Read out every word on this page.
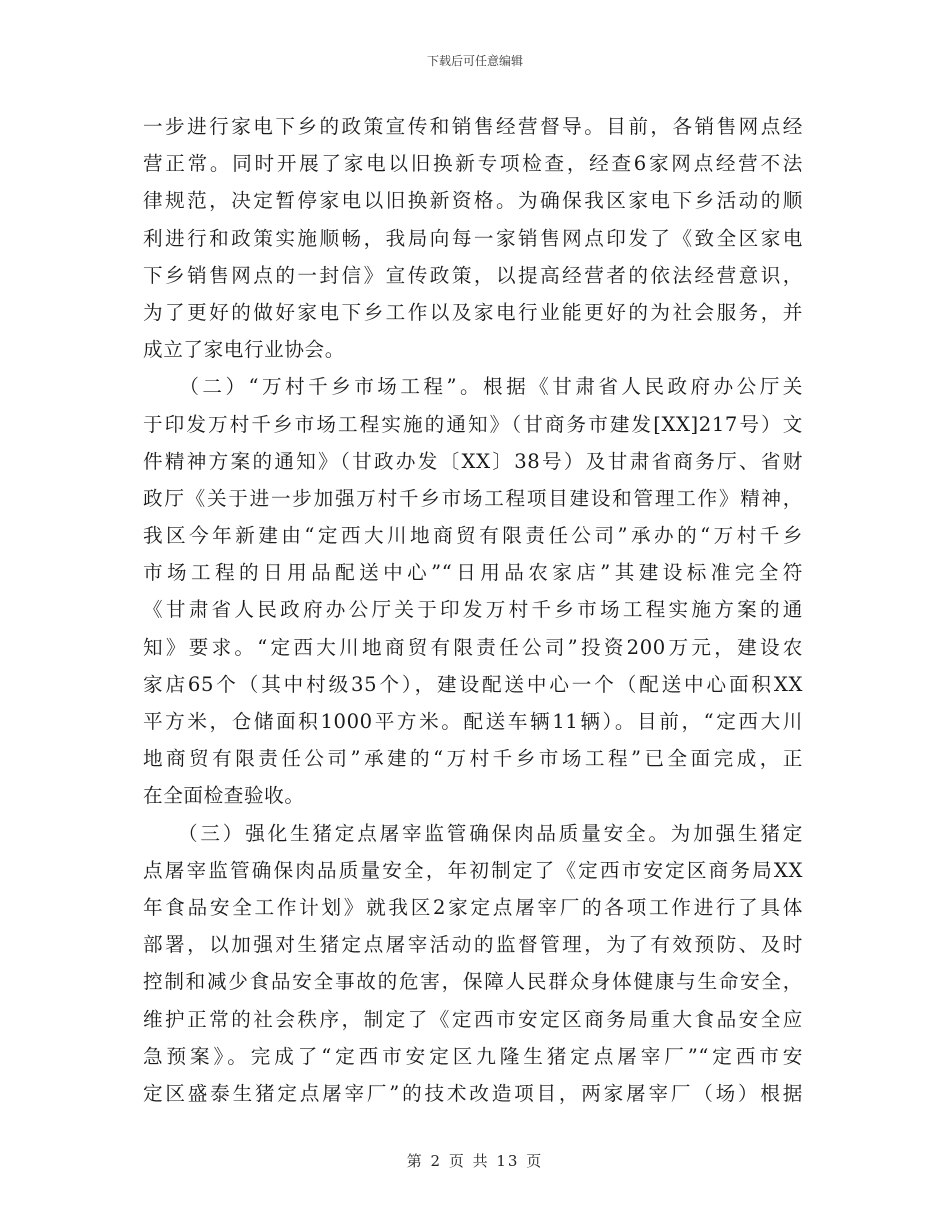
下载后可任意编辑
一步进行家电下乡的政策宣传和销售经营督导。目前，各销售网点经
营正常。同时开展了家电以旧换新专项检查，经查6家网点经营不法
律规范，决定暂停家电以旧换新资格。为确保我区家电下乡活动的顺
利进行和政策实施顺畅，我局向每一家销售网点印发了《致全区家电
下乡销售网点的一封信》宣传政策，以提高经营者的依法经营意识，
为了更好的做好家电下乡工作以及家电行业能更好的为社会服务，并
成立了家电行业协会。
　　（二）“万村千乡市场工程”。根据《甘肃省人民政府办公厅关
于印发万村千乡市场工程实施的通知》（甘商务市建发[XX]217号）文
件精神方案的通知》（甘政办发〔XX〕38号）及甘肃省商务厅、省财
政厅《关于进一步加强万村千乡市场工程项目建设和管理工作》精神，
我区今年新建由“定西大川地商贸有限责任公司”承办的“万村千乡
市场工程的日用品配送中心”“日用品农家店”其建设标准完全符
《甘肃省人民政府办公厅关于印发万村千乡市场工程实施方案的通
知》要求。“定西大川地商贸有限责任公司”投资200万元，建设农
家店65个（其中村级35个），建设配送中心一个（配送中心面积XX
平方米，仓储面积1000平方米。配送车辆11辆）。目前，“定西大川
地商贸有限责任公司”承建的“万村千乡市场工程”已全面完成，正
在全面检查验收。
　　（三）强化生猪定点屠宰监管确保肉品质量安全。为加强生猪定
点屠宰监管确保肉品质量安全，年初制定了《定西市安定区商务局XX
年食品安全工作计划》就我区2家定点屠宰厂的各项工作进行了具体
部署，以加强对生猪定点屠宰活动的监督管理，为了有效预防、及时
控制和减少食品安全事故的危害，保障人民群众身体健康与生命安全，
维护正常的社会秩序，制定了《定西市安定区商务局重大食品安全应
急预案》。完成了“定西市安定区九隆生猪定点屠宰厂”“定西市安
定区盛泰生猪定点屠宰厂”的技术改造项目，两家屠宰厂（场）根据
第 2 页 共 13 页
